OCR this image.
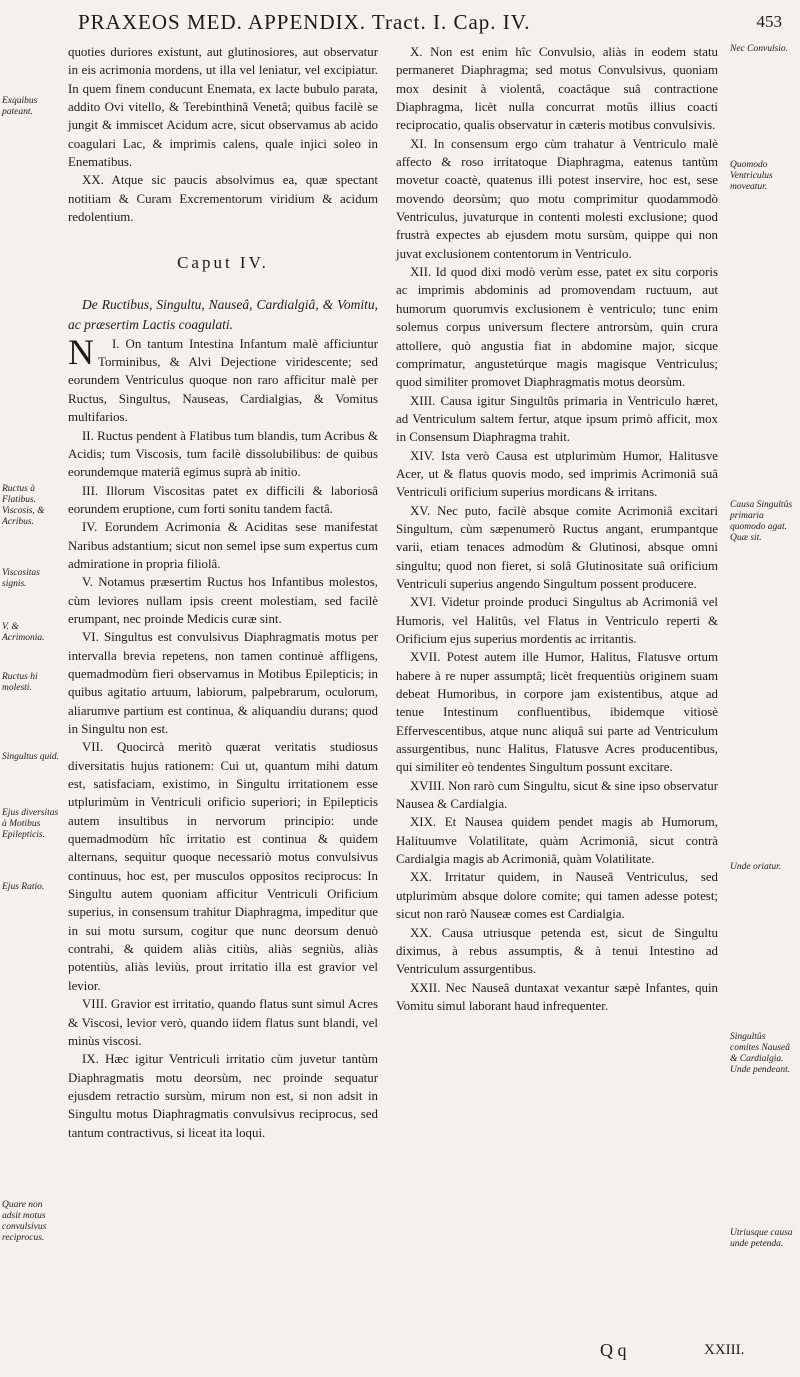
PRAXEOS MED. APPENDIX. Tract. I. Cap. IV.	453

quoties duriores existunt, aut glutinosiores, aut observatur in eis acrimonia mordens, ut illa vel leniatur, vel excipiatur. In quem finem conducunt Enemata, ex lacte bubulo parata, addito Ovi vitello, & Terebinthinâ Venetâ; quibus facilè se jungit & immiscet Acidum acre, sicut observamus ab acido coagulari Lac, & imprimis calens, quale injici soleo in Enematibus.

XX. Atque sic paucis absolvimus ea, quæ spectant notitiam & Curam Excrementorum viridium & acidum redolentium.

Caput IV.

De Ructibus, Singultu, Nauseâ, Cardialgiâ, & Vomitu, ac præsertim Lactis coagulati.

N I. On tantum Intestina Infantum malè afficiuntur Torminibus, & Alvi Dejectione viridescente; sed eorundem Ventriculus quoque non raro afficitur malè per Ructus, Singultus, Nauseas, Cardialgias, & Vomitus multifarios.

II. Ructus pendent à Flatibus tum blandis, tum Acribus & Acidis; tum Viscosis, tum facilè dissolubilibus: de quibus eorundemque materiâ egimus suprà ab initio.

III. Illorum Viscositas patet ex difficili & laboriosâ eorundem eruptione, cum forti sonitu tandem factâ.

IV. Eorundem Acrimonia & Aciditas sese manifestat Naribus adstantium; sicut non semel ipse sum expertus cum admiratione in propria filiolâ.

V. Notamus præsertim Ructus hos Infantibus molestos, cùm leviores nullam ipsis creent molestiam, sed facilè erumpant, nec proinde Medicis curæ sint.

VI. Singultus est convulsivus Diaphragmatis motus per intervalla brevia repetens, non tamen continuè affligens, quemadmodùm fieri observamus in Motibus Epilepticis; in quibus agitatio artuum, labiorum, palpebrarum, oculorum, aliarumve partium est continua, & aliquandiu durans; quod in Singultu non est.

VII. Quocircà meritò quærat veritatis studiosus diversitatis hujus rationem: Cui ut, quantum mihi datum est, satisfaciam, existimo, in Singultu irritationem esse utplurimùm in Ventriculi orificio superiori; in Epilepticis autem insultibus in nervorum principio: unde quemadmodùm hîc irritatio est continua & quidem alternans, sequitur quoque necessariò motus convulsivus continuus, hoc est, per musculos oppositos reciprocus: In Singultu autem quoniam afficitur Ventriculi Orificium superius, in consensum trahitur Diaphragma, impeditur que in sui motu sursum, cogitur que nunc deorsum denuò contrahi, & quidem aliàs citiùs, aliàs segniùs, aliàs potentiùs, aliàs leviùs, prout irritatio illa est gravior vel levior.

VIII. Gravior est irritatio, quando flatus sunt simul Acres & Viscosi, levior verò, quando iidem flatus sunt blandi, vel minùs viscosi.

IX. Hæc igitur Ventriculi irritatio cùm juvetur tantùm Diaphragmatis motu deorsùm, nec proinde sequatur ejusdem retractio sursùm, mirum non est, si non adsit in Singultu motus Diaphragmatis convulsivus reciprocus, sed tantum contractivus, si liceat ita loqui.

X. Non est enim hîc Convulsio, aliàs in eodem statu permaneret Diaphragma; sed motus Convulsivus, quoniam mox desinit à violentâ, coactâque suâ contractione Diaphragma, licèt nulla concurrat motûs illius coacti reciprocatio, qualis observatur in cæteris motibus convulsivis.

XI. In consensum ergo cùm trahatur à Ventriculo malè affecto & roso irritatoque Diaphragma, eatenus tantùm movetur coactè, quatenus illi potest inservire, hoc est, sese movendo deorsùm; quo motu comprimitur quodammodò Ventriculus, juvaturque in contenti molesti exclusione; quod frustrà expectes ab ejusdem motu sursùm, quippe qui non juvat exclusionem contentorum in Ventriculo.

XII. Id quod dixi modò verùm esse, patet ex situ corporis ac imprimis abdominis ad promovendam ructuum, aut humorum quorumvis exclusionem è ventriculo; tunc enim solemus corpus universum flectere antrorsùm, quin crura attollere, quò angustia fiat in abdomine major, sicque comprimatur, angustetúrque magis magisque Ventriculus; quod similiter promovet Diaphragmatis motus deorsùm.

XIII. Causa igitur Singultûs primaria in Ventriculo hæret, ad Ventriculum saltem fertur, atque ipsum primò afficit, mox in Consensum Diaphragma trahit.

XIV. Ista verò Causa est utplurimùm Humor, Halitusve Acer, ut & flatus quovis modo, sed imprimis Acrimoniâ suâ Ventriculi orificium superius mordicans & irritans.

XV. Nec puto, facilè absque comite Acrimoniâ excitari Singultum, cùm sæpenumerò Ructus angant, erumpantque varii, etiam tenaces admodùm & Glutinosi, absque omni singultu; quod non fieret, si solâ Glutinositate suâ orificium Ventriculi superius angendo Singultum possent producere.

XVI. Videtur proinde produci Singultus ab Acrimoniâ vel Humoris, vel Halitûs, vel Flatus in Ventriculo reperti & Orificium ejus superius mordentis ac irritantis.

XVII. Potest autem ille Humor, Halitus, Flatusve ortum habere à re nuper assumptâ; licèt frequentiùs originem suam debeat Humoribus, in corpore jam existentibus, atque ad tenue Intestinum confluentibus, ibidemque vitiosè Effervescentibus, atque nunc aliquâ sui parte ad Ventriculum assurgentibus, nunc Halitus, Flatusve Acres producentibus, qui similiter eò tendentes Singultum possunt excitare.

XVIII. Non rarò cum Singultu, sicut & sine ipso observatur Nausea & Cardialgia.

XIX. Et Nausea quidem pendet magis ab Humorum, Halituumve Volatilitate, quàm Acrimoniâ, sicut contrà Cardialgia magis ab Acrimoniâ, quàm Volatilitate.

XX. Irritatur quidem, in Nauseâ Ventriculus, sed utplurimùm absque dolore comite; qui tamen adesse potest; sicut non rarò Nauseæ comes est Cardialgia.

XX. Causa utriusque petenda est, sicut de Singultu diximus, à rebus assumptis, & à tenui Intestino ad Ventriculum assurgentibus.

XXII. Nec Nauseâ duntaxat vexantur sæpè Infantes, quin Vomitu simul laborant haud infrequenter.

Exquibus pateant.
Ructus à Flatibus. Viscosis, & Acribus.
Viscositas signis.
V. & Acrimonia.
Ructus hi molesti.
Singultus quid.
Ejus diversitas à Motibus Epilepticis.
Ejus Ratio.
Quare non adsit motus convulsivus reciprocus.
Nec Convulsio.
Quomodo Ventriculus moveatur.
Causa Singultûs primaria quomodo agat. Quæ sit.
Unde oriatur.
Singultûs comites Nauseâ & Cardialgia. Unde pendeant.
Utriusque causa unde petenda.
Q q	XXIII.
